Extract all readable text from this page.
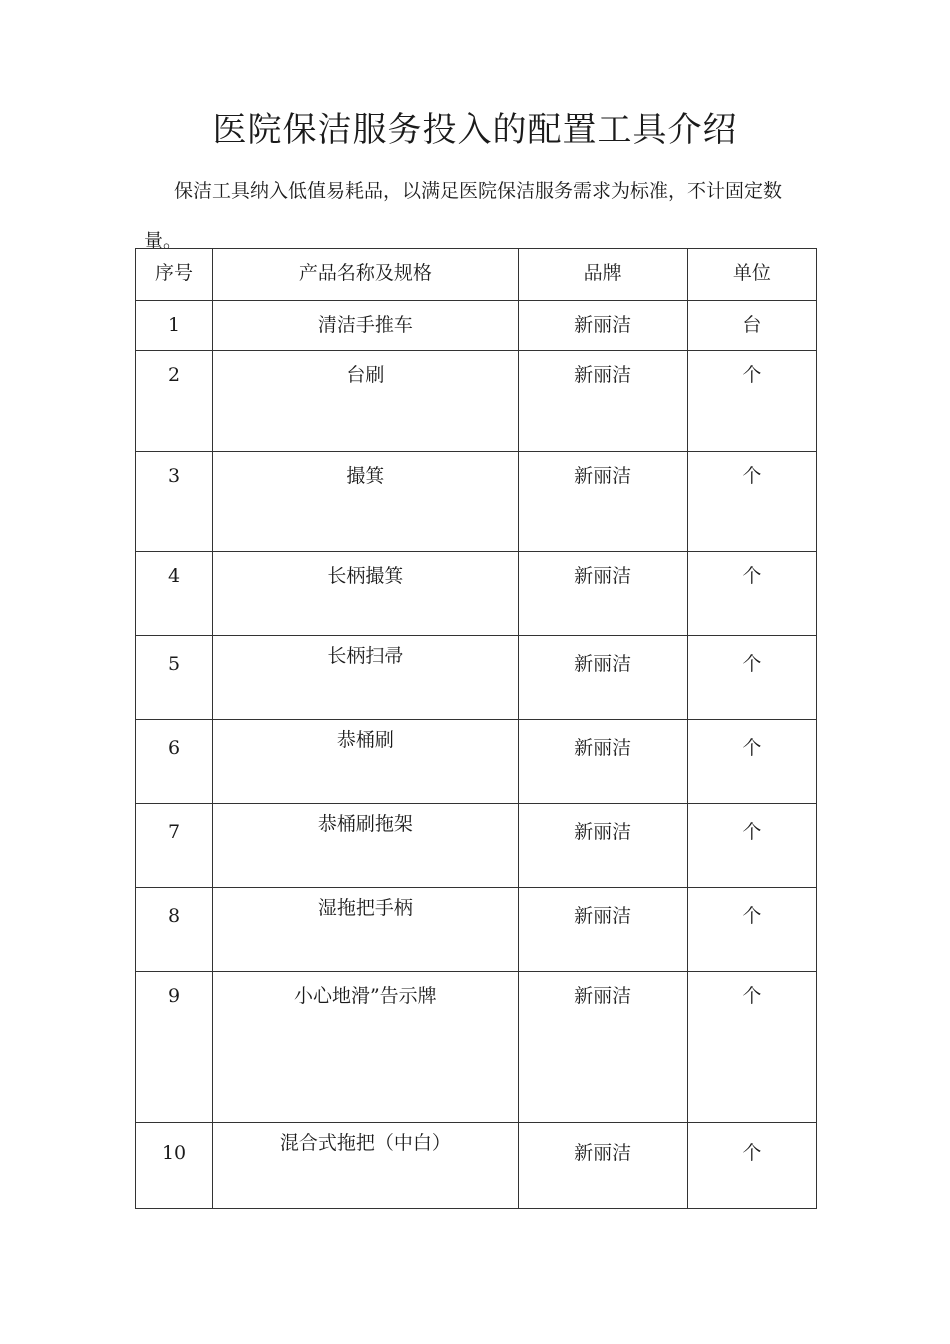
医院保洁服务投入的配置工具介绍

保洁工具纳入低值易耗品，以满足医院保洁服务需求为标准，不计固定数量。

序号	产品名称及规格	品牌	单位

1	清洁手推车	新丽洁	台

2	台刷	新丽洁	个

3	撮箕	新丽洁	个

4	长柄撮箕	新丽洁	个

5	长柄扫帚	新丽洁	个

6	恭桶刷	新丽洁	个

7	恭桶刷拖架	新丽洁	个

8	湿拖把手柄	新丽洁	个

9	小心地滑”告示牌	新丽洁	个

10	混合式拖把（中白）	新丽洁	个
